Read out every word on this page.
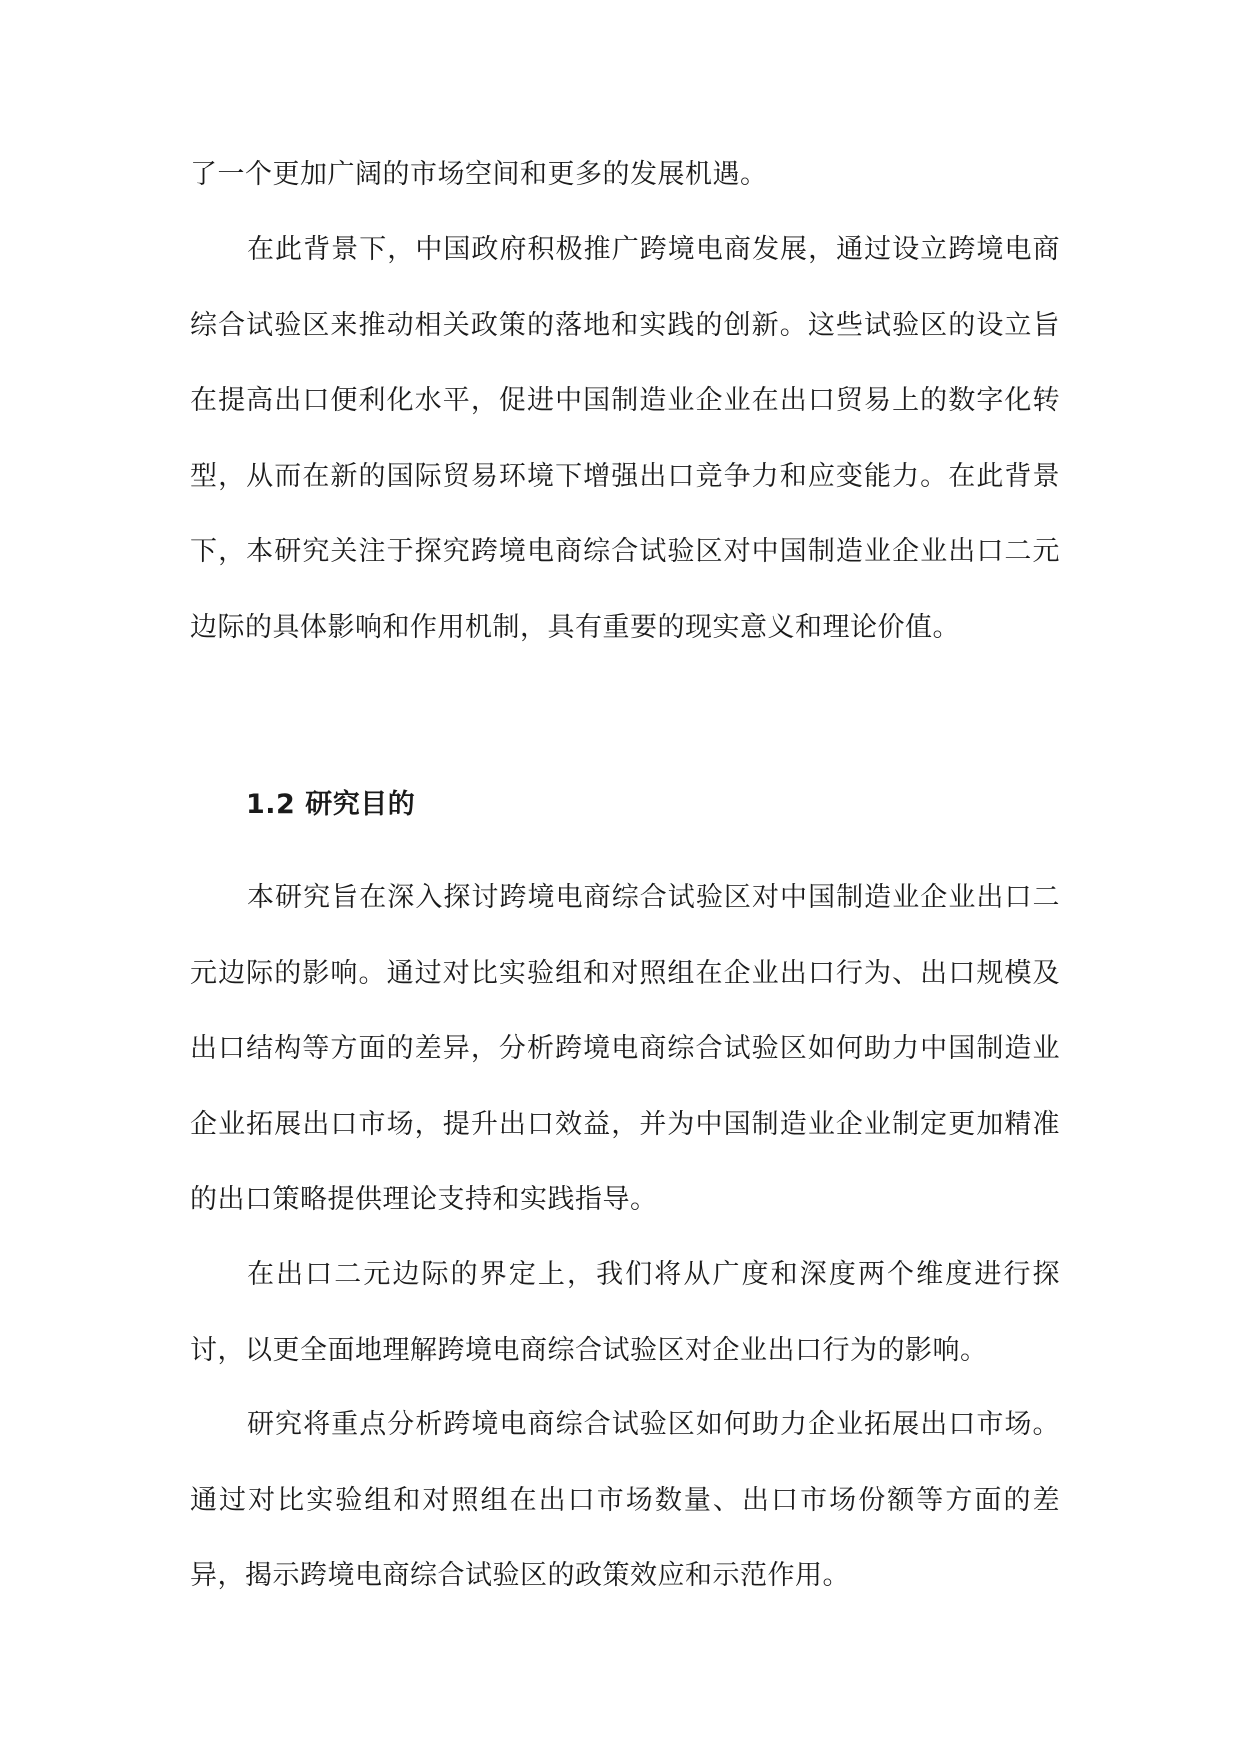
了一个更加广阔的市场空间和更多的发展机遇。

在此背景下，中国政府积极推广跨境电商发展，通过设立跨境电商综合试验区来推动相关政策的落地和实践的创新。这些试验区的设立旨在提高出口便利化水平，促进中国制造业企业在出口贸易上的数字化转型，从而在新的国际贸易环境下增强出口竞争力和应变能力。在此背景下，本研究关注于探究跨境电商综合试验区对中国制造业企业出口二元边际的具体影响和作用机制，具有重要的现实意义和理论价值。

1.2 研究目的

本研究旨在深入探讨跨境电商综合试验区对中国制造业企业出口二元边际的影响。通过对比实验组和对照组在企业出口行为、出口规模及出口结构等方面的差异，分析跨境电商综合试验区如何助力中国制造业企业拓展出口市场，提升出口效益，并为中国制造业企业制定更加精准的出口策略提供理论支持和实践指导。

在出口二元边际的界定上，我们将从广度和深度两个维度进行探讨，以更全面地理解跨境电商综合试验区对企业出口行为的影响。

研究将重点分析跨境电商综合试验区如何助力企业拓展出口市场。通过对比实验组和对照组在出口市场数量、出口市场份额等方面的差异，揭示跨境电商综合试验区的政策效应和示范作用。
